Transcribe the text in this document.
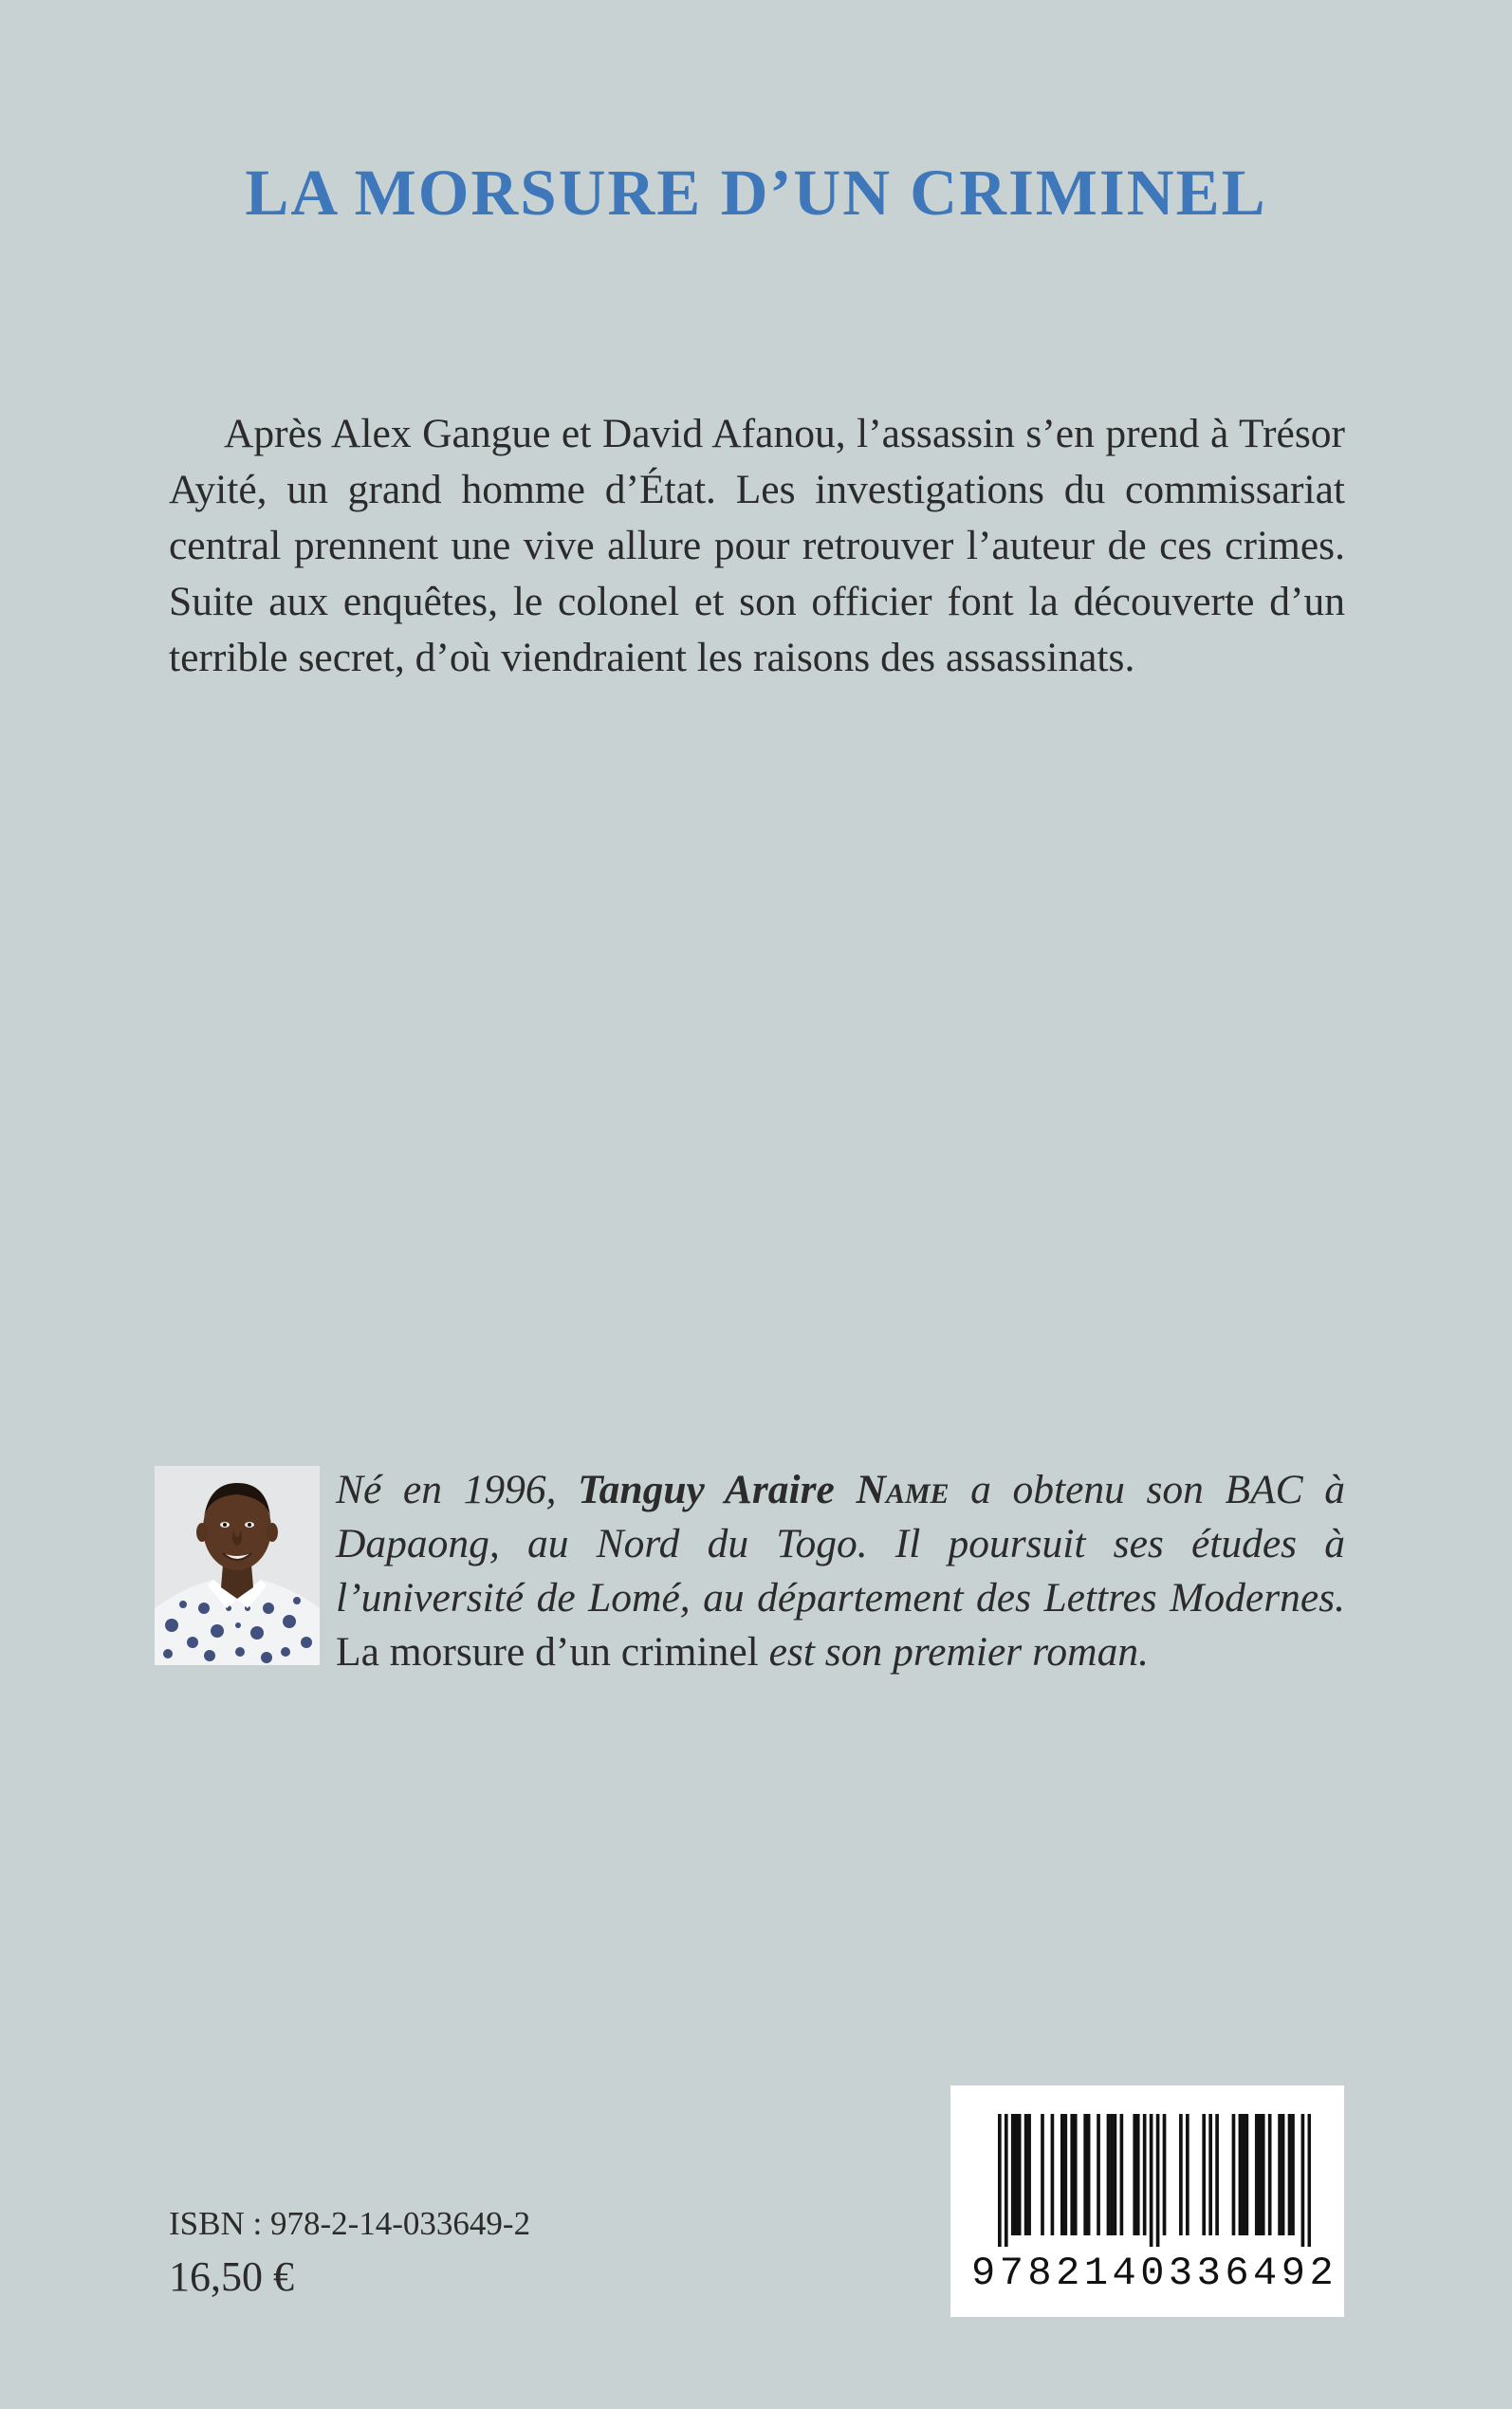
LA MORSURE D’UN CRIMINEL

Après Alex Gangue et David Afanou, l’assassin s’en prend à Trésor Ayité, un grand homme d’État. Les investigations du commissariat central prennent une vive allure pour retrouver l’auteur de ces crimes. Suite aux enquêtes, le colonel et son officier font la découverte d’un terrible secret, d’où viendraient les raisons des assassinats.

Né en 1996, Tanguy Araire Name a obtenu son BAC à Dapaong, au Nord du Togo. Il poursuit ses études à l’université de Lomé, au département des Lettres Modernes. La morsure d’un criminel est son premier roman.

ISBN : 978-2-14-033649-2
16,50 €	9782140336492
